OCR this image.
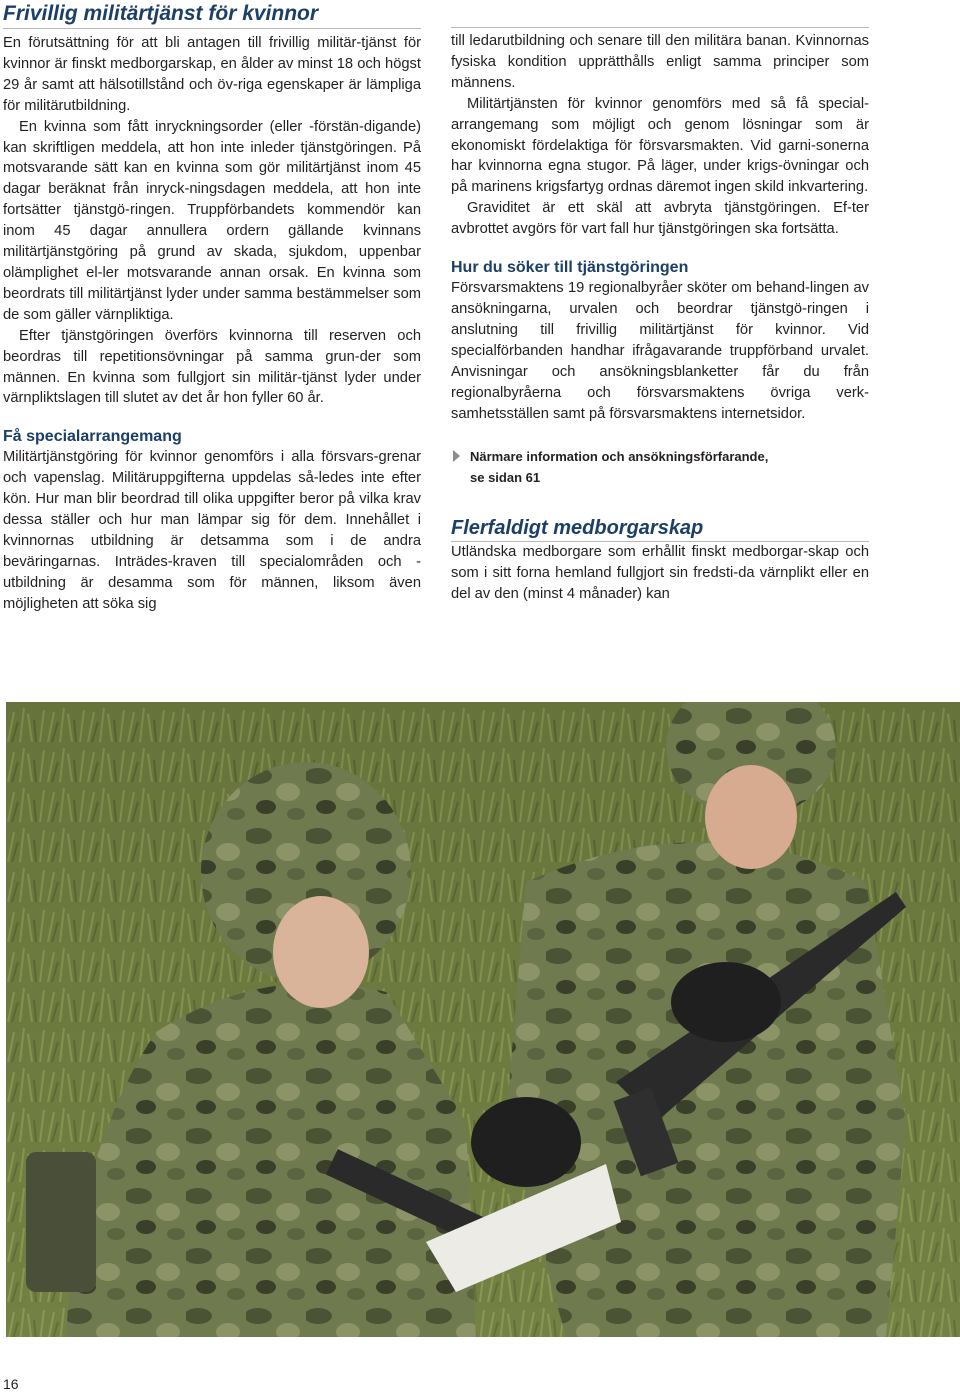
Frivillig militärtjänst för kvinnor

En förutsättning för att bli antagen till frivillig militär-tjänst för kvinnor är finskt medborgarskap, en ålder av minst 18 och högst 29 år samt att hälsotillstånd och öv-riga egenskaper är lämpliga för militärutbildning.

En kvinna som fått inryckningsorder (eller -förstän-digande) kan skriftligen meddela, att hon inte inleder tjänstgöringen. På motsvarande sätt kan en kvinna som gör militärtjänst inom 45 dagar beräknat från inryck-ningsdagen meddela, att hon inte fortsätter tjänstgö-ringen. Truppförbandets kommendör kan inom 45 dagar annullera ordern gällande kvinnans militärtjänstgöring på grund av skada, sjukdom, uppenbar olämplighet el-ler motsvarande annan orsak. En kvinna som beordrats till militärtjänst lyder under samma bestämmelser som de som gäller värnpliktiga.

Efter tjänstgöringen överförs kvinnorna till reserven och beordras till repetitionsövningar på samma grun-der som männen. En kvinna som fullgjort sin militär-tjänst lyder under värnpliktslagen till slutet av det år hon fyller 60 år.

Få specialarrangemang

Militärtjänstgöring för kvinnor genomförs i alla försvars-grenar och vapenslag. Militäruppgifterna uppdelas så-ledes inte efter kön. Hur man blir beordrad till olika uppgifter beror på vilka krav dessa ställer och hur man lämpar sig för dem. Innehållet i kvinnornas utbildning är detsamma som i de andra beväringarnas. Inträdes-kraven till specialområden och -utbildning är desamma som för männen, liksom även möjligheten att söka sig

till ledarutbildning och senare till den militära banan. Kvinnornas fysiska kondition upprätthålls enligt samma principer som männens.

Militärtjänsten för kvinnor genomförs med så få special-arrangemang som möjligt och genom lösningar som är ekonomiskt fördelaktiga för försvarsmakten. Vid garni-sonerna har kvinnorna egna stugor. På läger, under krigs-övningar och på marinens krigsfartyg ordnas däremot ingen skild inkvartering.

Graviditet är ett skäl att avbryta tjänstgöringen. Ef-ter avbrottet avgörs för vart fall hur tjänstgöringen ska fortsätta.

Hur du söker till tjänstgöringen

Försvarsmaktens 19 regionalbyråer sköter om behand-lingen av ansökningarna, urvalen och beordrar tjänstgö-ringen i anslutning till frivillig militärtjänst för kvinnor. Vid specialförbanden handhar ifrågavarande truppförband urvalet. Anvisningar och ansökningsblanketter får du från regionalbyråerna och försvarsmaktens övriga verk-samhetsställen samt på försvarsmaktens internetsidor.

Närmare information och ansökningsförfarande,
se sidan 61
Flerfaldigt medborgarskap

Utländska medborgare som erhållit finskt medborgar-skap och som i sitt forna hemland fullgjort sin fredsti-da värnplikt eller en del av den (minst 4 månader) kan

16
